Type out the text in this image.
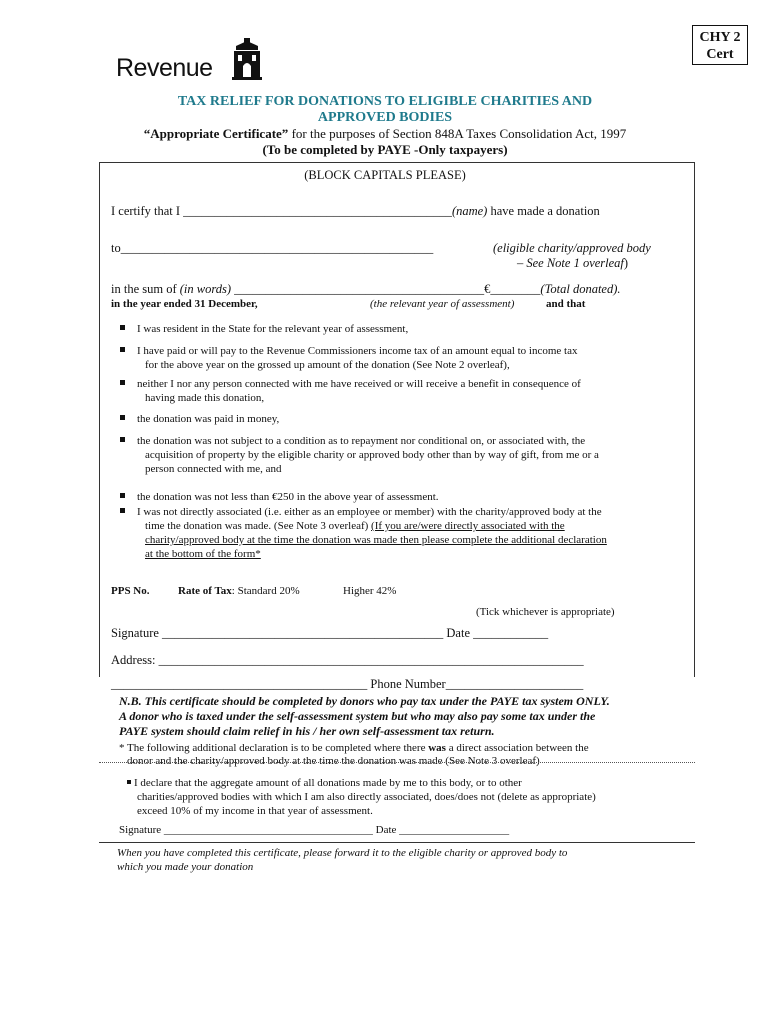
Revenue
CHY 2
Cert
TAX RELIEF FOR DONATIONS TO ELIGIBLE CHARITIES AND
APPROVED BODIES
“Appropriate Certificate” for the purposes of Section 848A Taxes Consolidation Act, 1997
(To be completed by PAYE -Only taxpayers)
(BLOCK CAPITALS PLEASE)
I certify that I ___________________________________________(name) have made a donation
to__________________________________________________	(eligible charity/approved body
– See Note 1 overleaf)
in the sum of (in words) ________________________________________€________(Total donated).
in the year ended 31 December,	(the relevant year of assessment)	and that
I was resident in the State for the relevant year of assessment,
I have paid or will pay to the Revenue Commissioners income tax of an amount equal to income tax
for the above year on the grossed up amount of the donation (See Note 2 overleaf),
neither I nor any person connected with me have received or will receive a benefit in consequence of
having made this donation,
the donation was paid in money,
the donation was not subject to a condition as to repayment nor conditional on, or associated with, the
acquisition of property by the eligible charity or approved body other than by way of gift, from me or a
person connected with me, and
the donation was not less than €250 in the above year of assessment.
I was not directly associated (i.e. either as an employee or member) with the charity/approved body at the
time the donation was made. (See Note 3 overleaf) (If you are/were directly associated with the
charity/approved body at the time the donation was made then please complete the additional declaration
at the bottom of the form*
PPS No.	Rate of Tax: Standard 20%	Higher 42%
(Tick whichever is appropriate)
Signature _____________________________________________ Date ____________
Address: ____________________________________________________________________
_________________________________________ Phone Number______________________
N.B. This certificate should be completed by donors who pay tax under the PAYE tax system ONLY.
A donor who is taxed under the self-assessment system but who may also pay some tax under the
PAYE system should claim relief in his / her own self-assessment tax return.
* The following additional declaration is to be completed where there was a direct association between the
donor and the charity/approved body at the time the donation was made (See Note 3 overleaf)
I declare that the aggregate amount of all donations made by me to this body, or to other
charities/approved bodies with which I am also directly associated, does/does not (delete as appropriate)
exceed 10% of my income in that year of assessment.
Signature ______________________________________ Date ____________________
When you have completed this certificate, please forward it to the eligible charity or approved body to
which you made your donation
